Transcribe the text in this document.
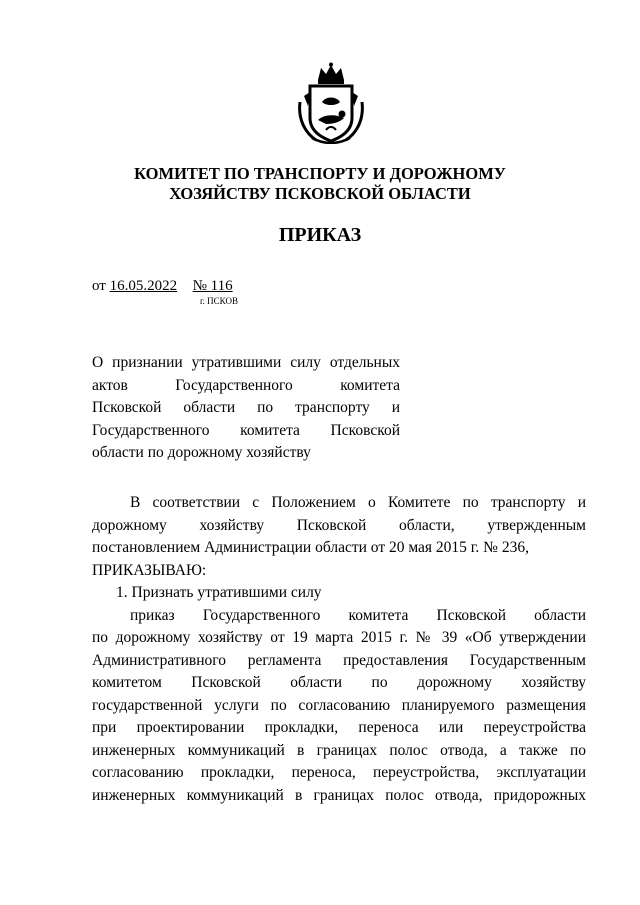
КОМИТЕТ ПО ТРАНСПОРТУ И ДОРОЖНОМУ
ХОЗЯЙСТВУ ПСКОВСКОЙ ОБЛАСТИ
ПРИКАЗ
от 16.05.2022 № 116
г. ПСКОВ

О признании утратившими силу отдельных

актов Государственного комитета

Псковской области по транспорту и

Государственного комитета Псковской

области по дорожному хозяйству

В соответствии с Положением о Комитете по транспорту и

дорожному хозяйству Псковской области, утвержденным

постановлением Администрации области от 20 мая 2015 г. № 236,

ПРИКАЗЫВАЮ:

1. Признать утратившими силу

приказ Государственного комитета Псковской области

по дорожному хозяйству от 19 марта 2015 г. № 39 «Об утверждении

Административного регламента предоставления Государственным

комитетом Псковской области по дорожному хозяйству

государственной услуги по согласованию планируемого размещения

при проектировании прокладки, переноса или переустройства

инженерных коммуникаций в границах полос отвода, а также по

согласованию прокладки, переноса, переустройства, эксплуатации

инженерных коммуникаций в границах полос отвода, придорожных
